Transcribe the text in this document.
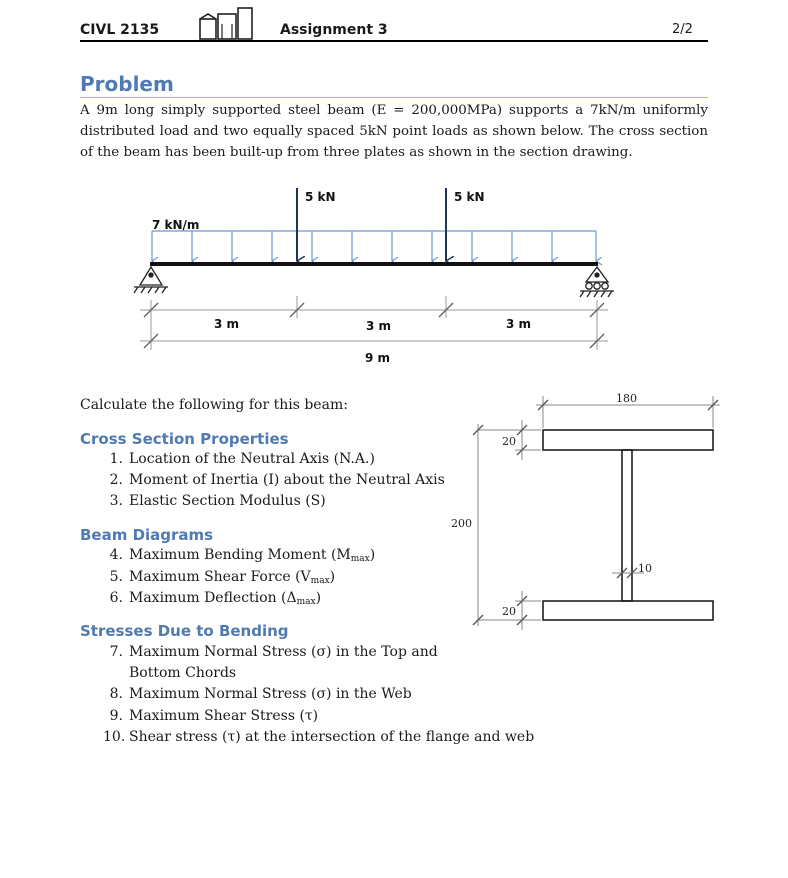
CIVL 2135	Assignment 3	2/2
Problem
A 9m long simply supported steel beam (E = 200,000MPa) supports a 7kN/m uniformly distributed load and two equally spaced 5kN point loads as shown below. The cross section of the beam has been built-up from three plates as shown in the section drawing.
7 kN/m
5 kN	5 kN
3 m	3 m	3 m
9 m
180
20
200
10
20
Calculate the following for this beam:
Cross Section Properties
1. Location of the Neutral Axis (N.A.)
2. Moment of Inertia (I) about the Neutral Axis
3. Elastic Section Modulus (S)
Beam Diagrams
4. Maximum Bending Moment $(M_{max})$
5. Maximum Shear Force $(V_{max})$
6. Maximum Deflection $(\Delta_{max})$
Stresses Due to Bending
7. Maximum Normal Stress (σ) in the Top and
Bottom Chords
8. Maximum Normal Stress (σ) in the Web
9. Maximum Shear Stress (τ)
10. Shear stress (τ) at the intersection of the flange and web
